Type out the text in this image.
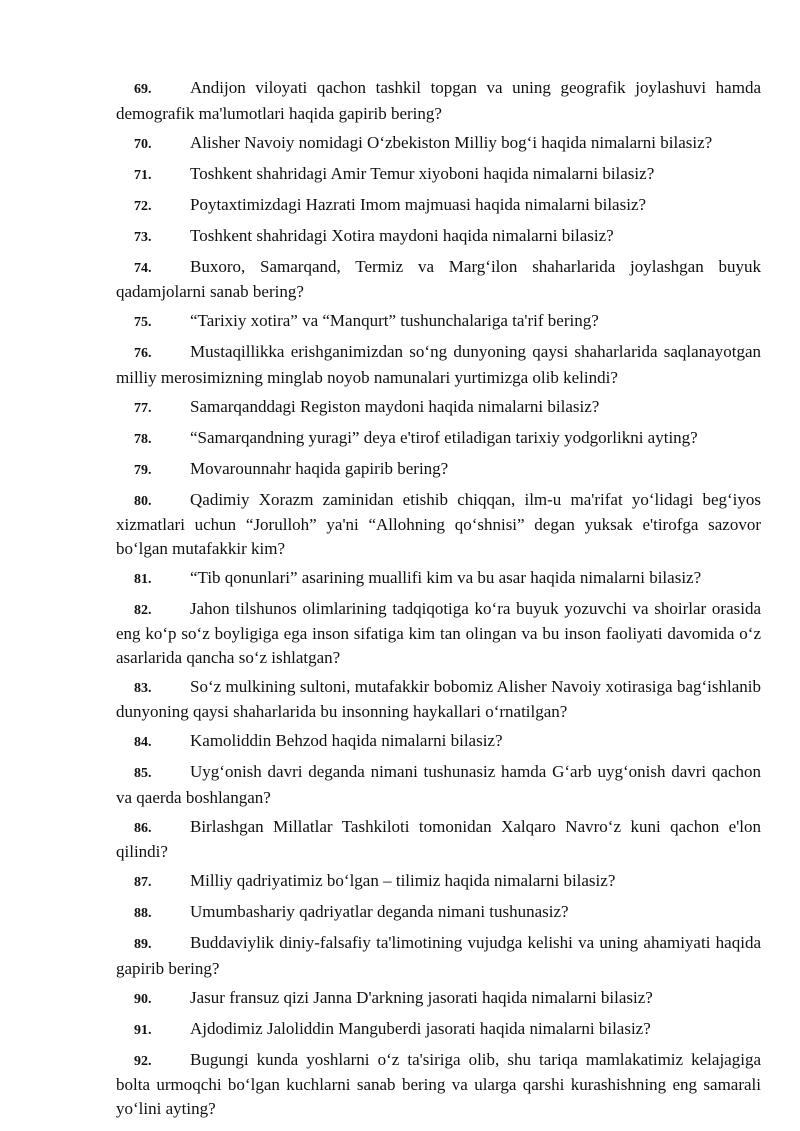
69. Andijon viloyati qachon tashkil topgan va uning geografik joylashuvi hamda demografik ma'lumotlari haqida gapirib bering?

70. Alisher Navoiy nomidagi O‘zbekiston Milliy bog‘i haqida nimalarni bilasiz?

71. Toshkent shahridagi Amir Temur xiyoboni haqida nimalarni bilasiz?

72. Poytaxtimizdagi Hazrati Imom majmuasi haqida nimalarni bilasiz?

73. Toshkent shahridagi Xotira maydoni haqida nimalarni bilasiz?

74. Buxoro, Samarqand, Termiz va Marg‘ilon shaharlarida joylashgan buyuk qadamjolarni sanab bering?

75. “Tarixiy xotira” va “Manqurt” tushunchalariga ta'rif bering?

76. Mustaqillikka erishganimizdan so‘ng dunyoning qaysi shaharlarida saqlanayotgan milliy merosimizning minglab noyob namunalari yurtimizga olib kelindi?

77. Samarqanddagi Registon maydoni haqida nimalarni bilasiz?

78. “Samarqandning yuragi” deya e'tirof etiladigan tarixiy yodgorlikni ayting?

79. Movarounnahr haqida gapirib bering?

80. Qadimiy Xorazm zaminidan etishib chiqqan, ilm-u ma'rifat yo‘lidagi beg‘iyos xizmatlari uchun “Jorulloh” ya'ni “Allohning qo‘shnisi” degan yuksak e'tirofga sazovor bo‘lgan mutafakkir kim?

81. “Tib qonunlari” asarining muallifi kim va bu asar haqida nimalarni bilasiz?

82. Jahon tilshunos olimlarining tadqiqotiga ko‘ra buyuk yozuvchi va shoirlar orasida eng ko‘p so‘z boyligiga ega inson sifatiga kim tan olingan va bu inson faoliyati davomida o‘z asarlarida qancha so‘z ishlatgan?

83. So‘z mulkining sultoni, mutafakkir bobomiz Alisher Navoiy xotirasiga bag‘ishlanib dunyoning qaysi shaharlarida bu insonning haykallari o‘rnatilgan?

84. Kamoliddin Behzod haqida nimalarni bilasiz?

85. Uyg‘onish davri deganda nimani tushunasiz hamda G‘arb uyg‘onish davri qachon va qaerda boshlangan?

86. Birlashgan Millatlar Tashkiloti tomonidan Xalqaro Navro‘z kuni qachon e'lon qilindi?

87. Milliy qadriyatimiz bo‘lgan – tilimiz haqida nimalarni bilasiz?

88. Umumbashariy qadriyatlar deganda nimani tushunasiz?

89. Buddaviylik diniy-falsafiy ta'limotining vujudga kelishi va uning ahamiyati haqida gapirib bering?

90. Jasur fransuz qizi Janna D'arkning jasorati haqida nimalarni bilasiz?

91. Ajdodimiz Jaloliddin Manguberdi jasorati haqida nimalarni bilasiz?

92. Bugungi kunda yoshlarni o‘z ta'siriga olib, shu tariqa mamlakatimiz kelajagiga bolta urmoqchi bo‘lgan kuchlarni sanab bering va ularga qarshi kurashishning eng samarali yo‘lini ayting?
